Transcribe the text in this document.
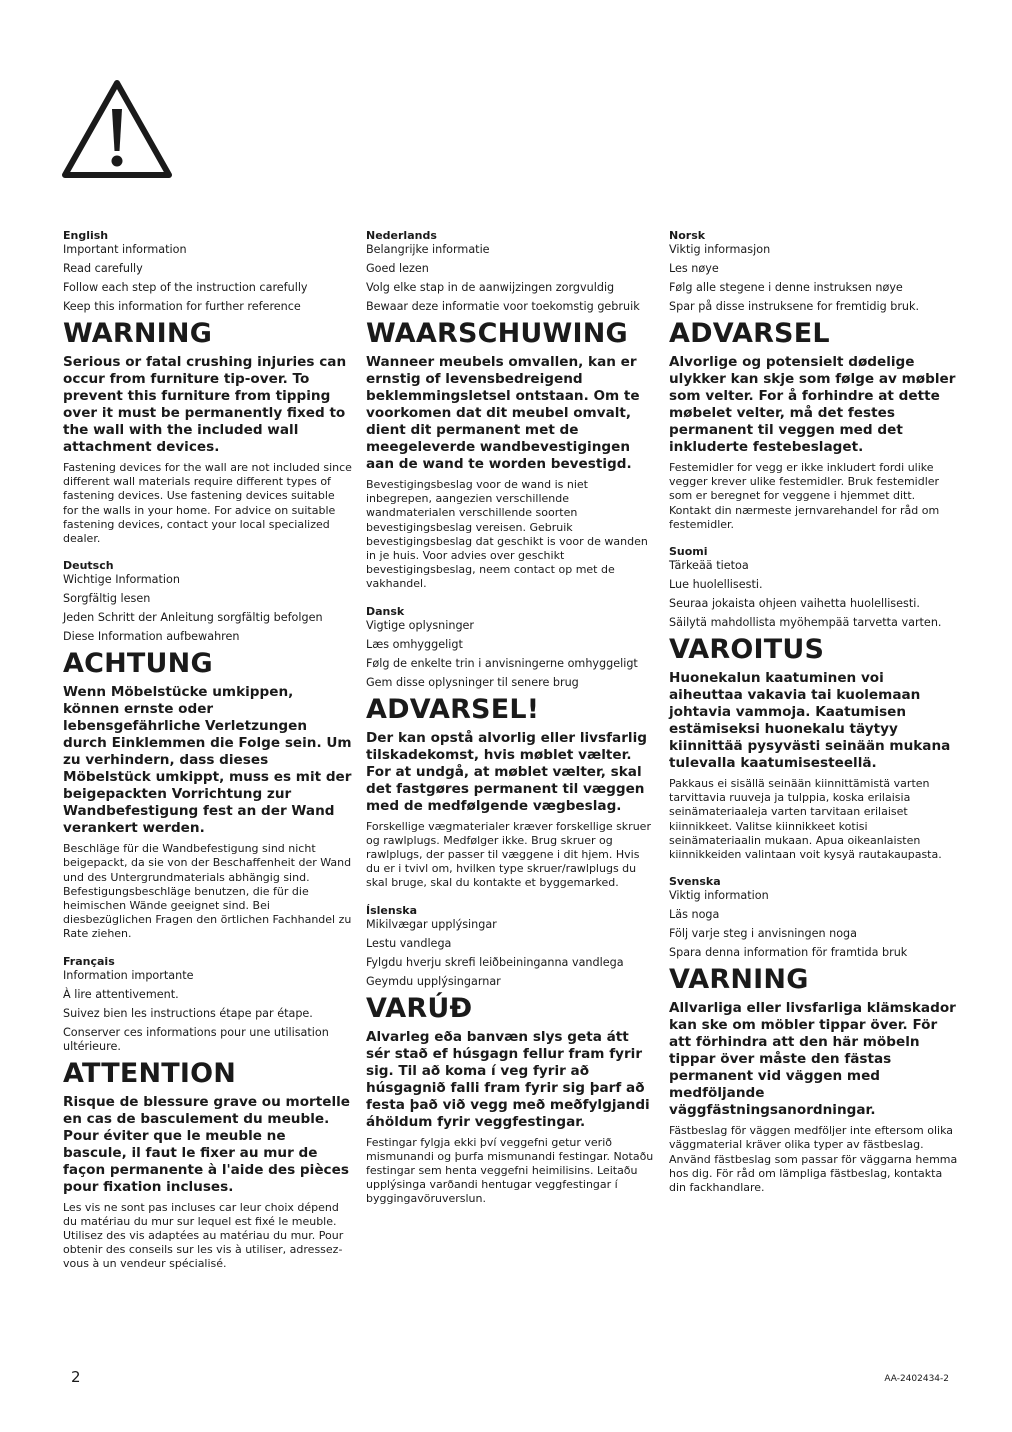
English
Important information
Read carefully
Follow each step of the instruction carefully
Keep this information for further reference
WARNING
Serious or fatal crushing injuries can occur from furniture tip-over. To prevent this furniture from tipping over it must be permanently fixed to the wall with the included wall attachment devices.
Fastening devices for the wall are not included since different wall materials require different types of fastening devices. Use fastening devices suitable for the walls in your home. For advice on suitable fastening devices, contact your local specialized dealer.
Deutsch
Wichtige Information
Sorgfältig lesen
Jeden Schritt der Anleitung sorgfältig befolgen
Diese Information aufbewahren
ACHTUNG
Wenn Möbelstücke umkippen, können ernste oder lebensgefährliche Verletzungen durch Einklemmen die Folge sein. Um zu verhindern, dass dieses Möbelstück umkippt, muss es mit der beigepackten Vorrichtung zur Wandbefestigung fest an der Wand verankert werden.
Beschläge für die Wandbefestigung sind nicht beigepackt, da sie von der Beschaffenheit der Wand und des Untergrundmaterials abhängig sind. Befestigungsbeschläge benutzen, die für die heimischen Wände geeignet sind. Bei diesbezüglichen Fragen den örtlichen Fachhandel zu Rate ziehen.
Français
Information importante
À lire attentivement.
Suivez bien les instructions étape par étape.
Conserver ces informations pour une utilisation ultérieure.
ATTENTION
Risque de blessure grave ou mortelle en cas de basculement du meuble. Pour éviter que le meuble ne bascule, il faut le fixer au mur de façon permanente à l'aide des pièces pour fixation incluses.
Les vis ne sont pas incluses car leur choix dépend du matériau du mur sur lequel est fixé le meuble. Utilisez des vis adaptées au matériau du mur. Pour obtenir des conseils sur les vis à utiliser, adressez-vous à un vendeur spécialisé.
Nederlands
Belangrijke informatie
Goed lezen
Volg elke stap in de aanwijzingen zorgvuldig
Bewaar deze informatie voor toekomstig gebruik
WAARSCHUWING
Wanneer meubels omvallen, kan er ernstig of levensbedreigend beklemmingsletsel ontstaan. Om te voorkomen dat dit meubel omvalt, dient dit permanent met de meegeleverde wandbevestigingen aan de wand te worden bevestigd.
Bevestigingsbeslag voor de wand is niet inbegrepen, aangezien verschillende wandmaterialen verschillende soorten bevestigingsbeslag vereisen. Gebruik bevestigingsbeslag dat geschikt is voor de wanden in je huis. Voor advies over geschikt bevestigingsbeslag, neem contact op met de vakhandel.
Dansk
Vigtige oplysninger
Læs omhyggeligt
Følg de enkelte trin i anvisningerne omhyggeligt
Gem disse oplysninger til senere brug
ADVARSEL!
Der kan opstå alvorlig eller livsfarlig tilskadekomst, hvis møblet vælter. For at undgå, at møblet vælter, skal det fastgøres permanent til væggen med de medfølgende vægbeslag.
Forskellige vægmaterialer kræver forskellige skruer og rawlplugs. Medfølger ikke. Brug skruer og rawlplugs, der passer til væggene i dit hjem. Hvis du er i tvivl om, hvilken type skruer/rawlplugs du skal bruge, skal du kontakte et byggemarked.
Íslenska
Mikilvægar upplýsingar
Lestu vandlega
Fylgdu hverju skrefi leiðbeininganna vandlega
Geymdu upplýsingarnar
VARÚÐ
Alvarleg eða banvæn slys geta átt sér stað ef húsgagn fellur fram fyrir sig. Til að koma í veg fyrir að húsgagnið falli fram fyrir sig þarf að festa það við vegg með meðfylgjandi áhöldum fyrir veggfestingar.
Festingar fylgja ekki því veggefni getur verið mismunandi og þurfa mismunandi festingar. Notaðu festingar sem henta veggefni heimilisins. Leitaðu upplýsinga varðandi hentugar veggfestingar í byggingavöruverslun.
Norsk
Viktig informasjon
Les nøye
Følg alle stegene i denne instruksen nøye
Spar på disse instruksene for fremtidig bruk.
ADVARSEL
Alvorlige og potensielt dødelige ulykker kan skje som følge av møbler som velter. For å forhindre at dette møbelet velter, må det festes permanent til veggen med det inkluderte festebeslaget.
Festemidler for vegg er ikke inkludert fordi ulike vegger krever ulike festemidler. Bruk festemidler som er beregnet for veggene i hjemmet ditt. Kontakt din nærmeste jernvarehandel for råd om festemidler.
Suomi
Tärkeää tietoa
Lue huolellisesti.
Seuraa jokaista ohjeen vaihetta huolellisesti.
Säilytä mahdollista myöhempää tarvetta varten.
VAROITUS
Huonekalun kaatuminen voi aiheuttaa vakavia tai kuolemaan johtavia vammoja. Kaatumisen estämiseksi huonekalu täytyy kiinnittää pysyvästi seinään mukana tulevalla kaatumisesteellä.
Pakkaus ei sisällä seinään kiinnittämistä varten tarvittavia ruuveja ja tulppia, koska erilaisia seinämateriaaleja varten tarvitaan erilaiset kiinnikkeet. Valitse kiinnikkeet kotisi seinämateriaalin mukaan. Apua oikeanlaisten kiinnikkeiden valintaan voit kysyä rautakaupasta.
Svenska
Viktig information
Läs noga
Följ varje steg i anvisningen noga
Spara denna information för framtida bruk
VARNING
Allvarliga eller livsfarliga klämskador kan ske om möbler tippar över. För att förhindra att den här möbeln tippar över måste den fästas permanent vid väggen med medföljande väggfästningsanordningar.
Fästbeslag för väggen medföljer inte eftersom olika väggmaterial kräver olika typer av fästbeslag. Använd fästbeslag som passar för väggarna hemma hos dig. För råd om lämpliga fästbeslag, kontakta din fackhandlare.
2	AA-2402434-2
